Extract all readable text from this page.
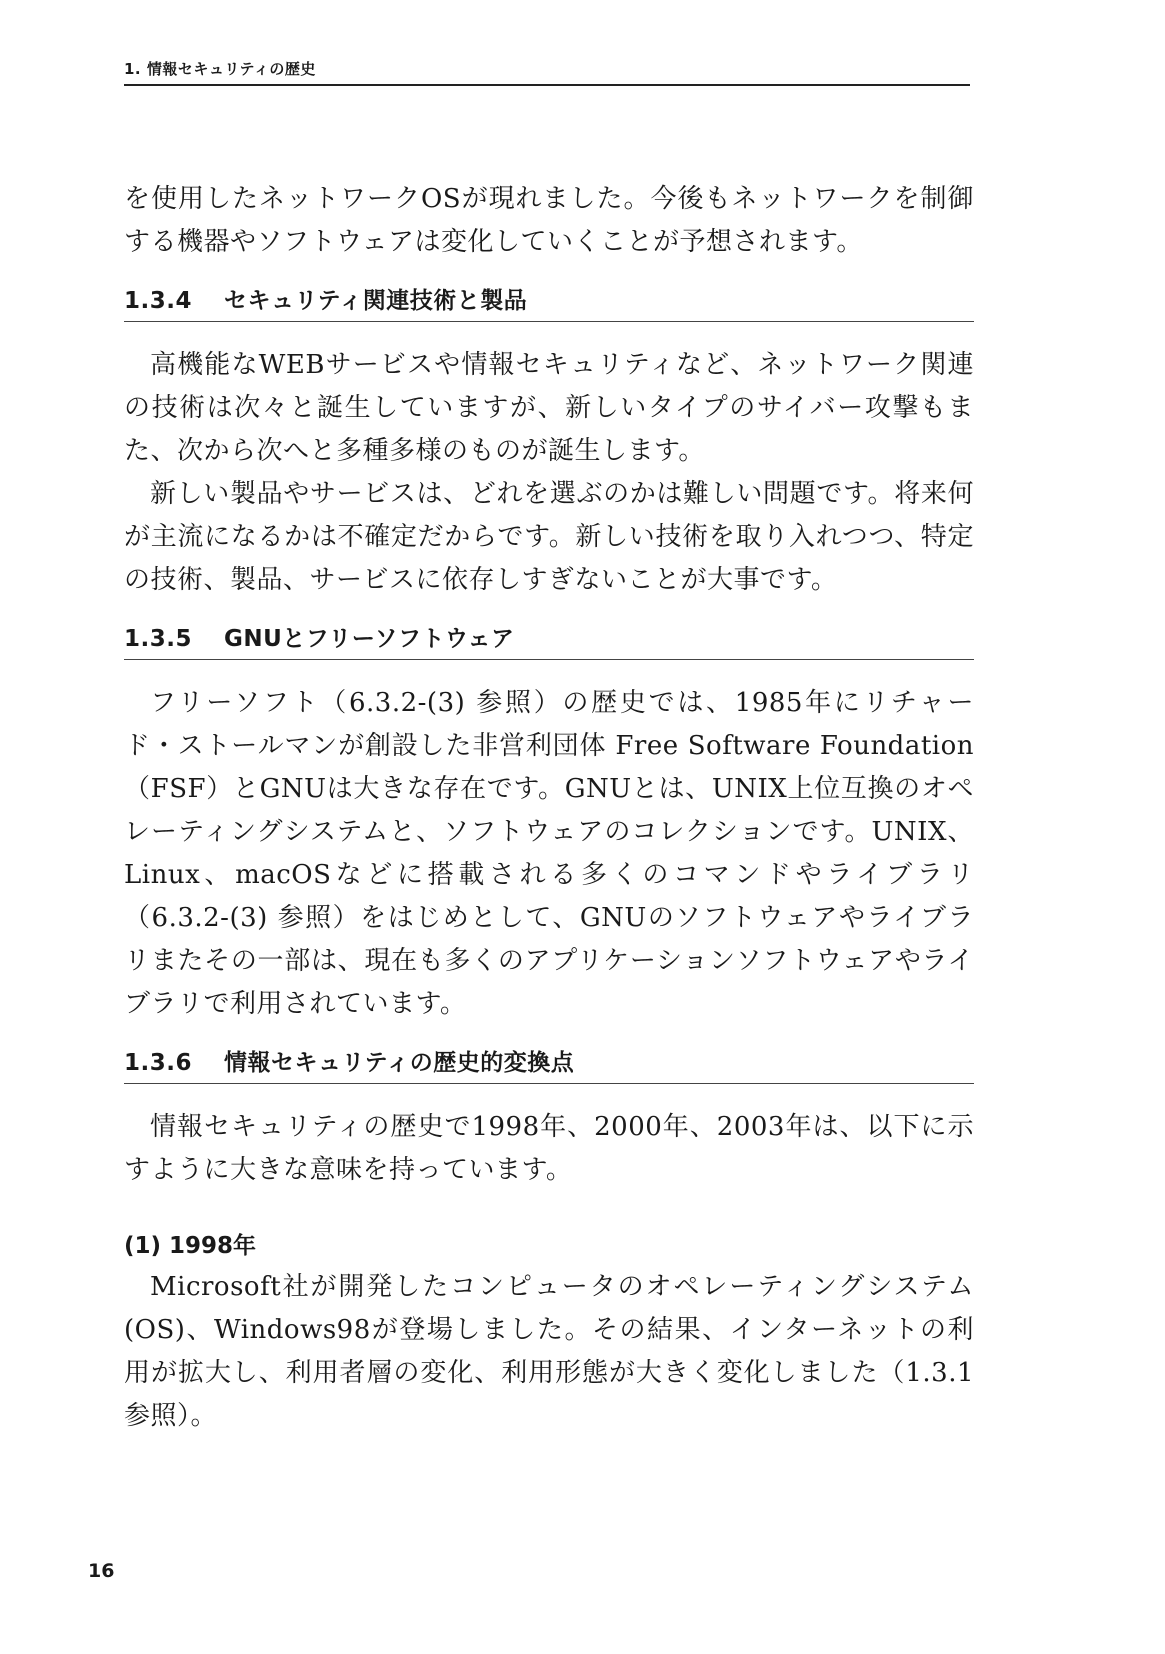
1. 情報セキュリティの歴史

を使用したネットワークOSが現れました。今後もネットワークを制御する機器やソフトウェアは変化していくことが予想されます。

1.3.4 セキュリティ関連技術と製品

高機能なWEBサービスや情報セキュリティなど、ネットワーク関連の技術は次々と誕生していますが、新しいタイプのサイバー攻撃もまた、次から次へと多種多様のものが誕生します。

新しい製品やサービスは、どれを選ぶのかは難しい問題です。将来何が主流になるかは不確定だからです。新しい技術を取り入れつつ、特定の技術、製品、サービスに依存しすぎないことが大事です。

1.3.5 GNUとフリーソフトウェア

フリーソフト（6.3.2-(3) 参照）の歴史では、1985年にリチャード・ストールマンが創設した非営利団体 Free Software Foundation（FSF）とGNUは大きな存在です。GNUとは、UNIX上位互換のオペレーティングシステムと、ソフトウェアのコレクションです。UNIX、Linux、macOSなどに搭載される多くのコマンドやライブラリ（6.3.2-(3) 参照）をはじめとして、GNUのソフトウェアやライブラリまたその一部は、現在も多くのアプリケーションソフトウェアやライブラリで利用されています。

1.3.6 情報セキュリティの歴史的変換点

情報セキュリティの歴史で1998年、2000年、2003年は、以下に示すように大きな意味を持っています。

(1) 1998年

Microsoft社が開発したコンピュータのオペレーティングシステム (OS)、Windows98が登場しました。その結果、インターネットの利用が拡大し、利用者層の変化、利用形態が大きく変化しました（1.3.1 参照）。

16
